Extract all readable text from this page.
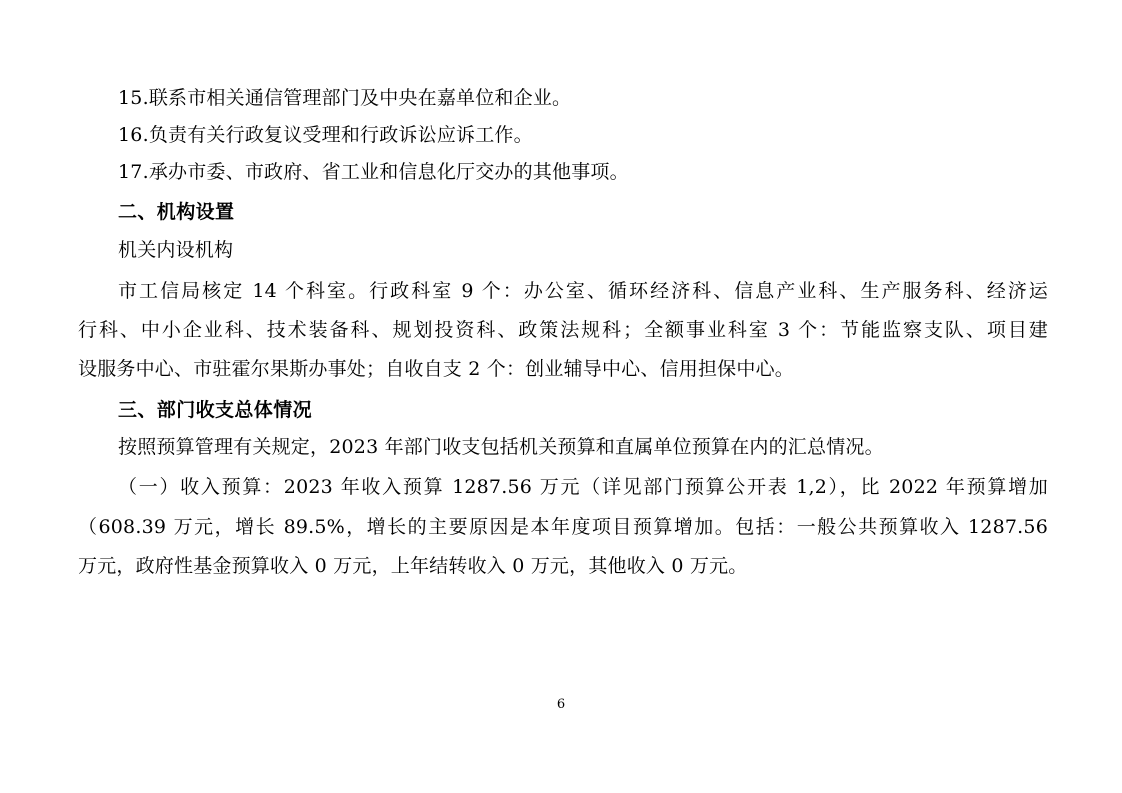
15.联系市相关通信管理部门及中央在嘉单位和企业。
16.负责有关行政复议受理和行政诉讼应诉工作。
17.承办市委、市政府、省工业和信息化厅交办的其他事项。
二、机构设置
机关内设机构
市工信局核定 14 个科室。行政科室 9 个：办公室、循环经济科、信息产业科、生产服务科、经济运
行科、中小企业科、技术装备科、规划投资科、政策法规科；全额事业科室 3 个：节能监察支队、项目建
设服务中心、市驻霍尔果斯办事处；自收自支 2 个：创业辅导中心、信用担保中心。
三、部门收支总体情况
按照预算管理有关规定，2023 年部门收支包括机关预算和直属单位预算在内的汇总情况。
（一）收入预算：2023 年收入预算 1287.56 万元（详见部门预算公开表 1,2），比 2022 年预算增加
（608.39 万元，增长 89.5%，增长的主要原因是本年度项目预算增加。包括：一般公共预算收入 1287.56
万元，政府性基金预算收入 0 万元，上年结转收入 0 万元，其他收入 0 万元。
6
